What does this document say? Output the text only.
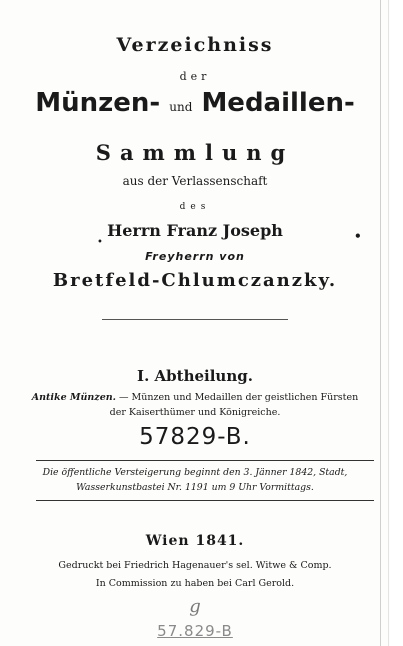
Verzeichniss
der
Münzen- und Medaillen-
Sammlung
aus der Verlassenschaft
des
Herrn Franz Joseph
•	•
Freyherrn von
Bretfeld-Chlumczanzky.
I. Abtheilung.
Antike Münzen. — Münzen und Medaillen der geistlichen Fürsten
der Kaiserthümer und Königreiche.
57829-B.
Die öffentliche Versteigerung beginnt den 3. Jänner 1842, Stadt,
Wasserkunstbastei Nr. 1191 um 9 Uhr Vormittags.
Wien 1841.
Gedruckt bei Friedrich Hagenauer's sel. Witwe & Comp.
In Commission zu haben bei Carl Gerold.
g
57.829-B
